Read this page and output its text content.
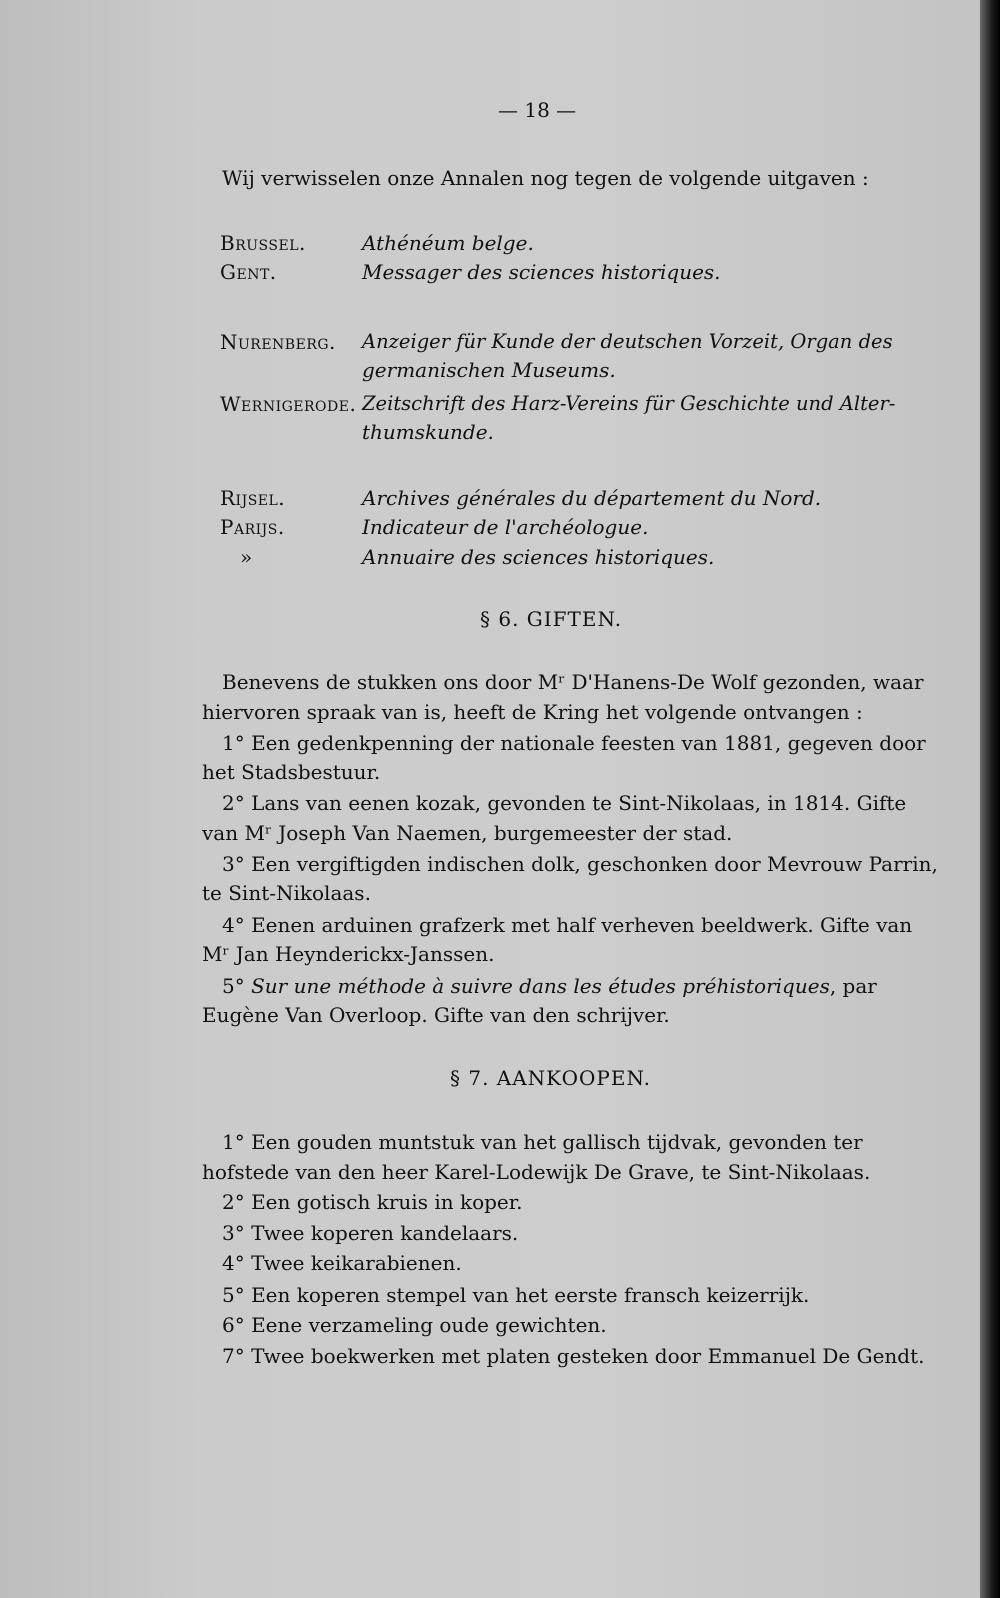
— 18 —
Wij verwisselen onze Annalen nog tegen de volgende uitgaven :
Brussel.	Athénéum belge.
Gent.	Messager des sciences historiques.
Nurenberg. Anzeiger für Kunde der deutschen Vorzeit, Organ des
germanischen Museums.
Wernigerode. Zeitschrift des Harz-Vereins für Geschichte und Alter-
thumskunde.
Rijsel.	Archives générales du département du Nord.
Parijs.	Indicateur de l'archéologue.
»	Annuaire des sciences historiques.
§ 6. GIFTEN.
Benevens de stukken ons door Mʳ D'Hanens-De Wolf gezonden, waar
hiervoren spraak van is, heeft de Kring het volgende ontvangen :
1° Een gedenkpenning der nationale feesten van 1881, gegeven door
het Stadsbestuur.
2° Lans van eenen kozak, gevonden te Sint-Nikolaas, in 1814. Gifte
van Mʳ Joseph Van Naemen, burgemeester der stad.
3° Een vergiftigden indischen dolk, geschonken door Mevrouw Parrin,
te Sint-Nikolaas.
4° Eenen arduinen grafzerk met half verheven beeldwerk. Gifte van
Mʳ Jan Heynderickx-Janssen.
5° Sur une méthode à suivre dans les études préhistoriques, par
Eugène Van Overloop. Gifte van den schrijver.
§ 7. AANKOOPEN.
1° Een gouden muntstuk van het gallisch tijdvak, gevonden ter
hofstede van den heer Karel-Lodewijk De Grave, te Sint-Nikolaas.
2° Een gotisch kruis in koper.
3° Twee koperen kandelaars.
4° Twee keikarabienen.
5° Een koperen stempel van het eerste fransch keizerrijk.
6° Eene verzameling oude gewichten.
7° Twee boekwerken met platen gesteken door Emmanuel De Gendt.
